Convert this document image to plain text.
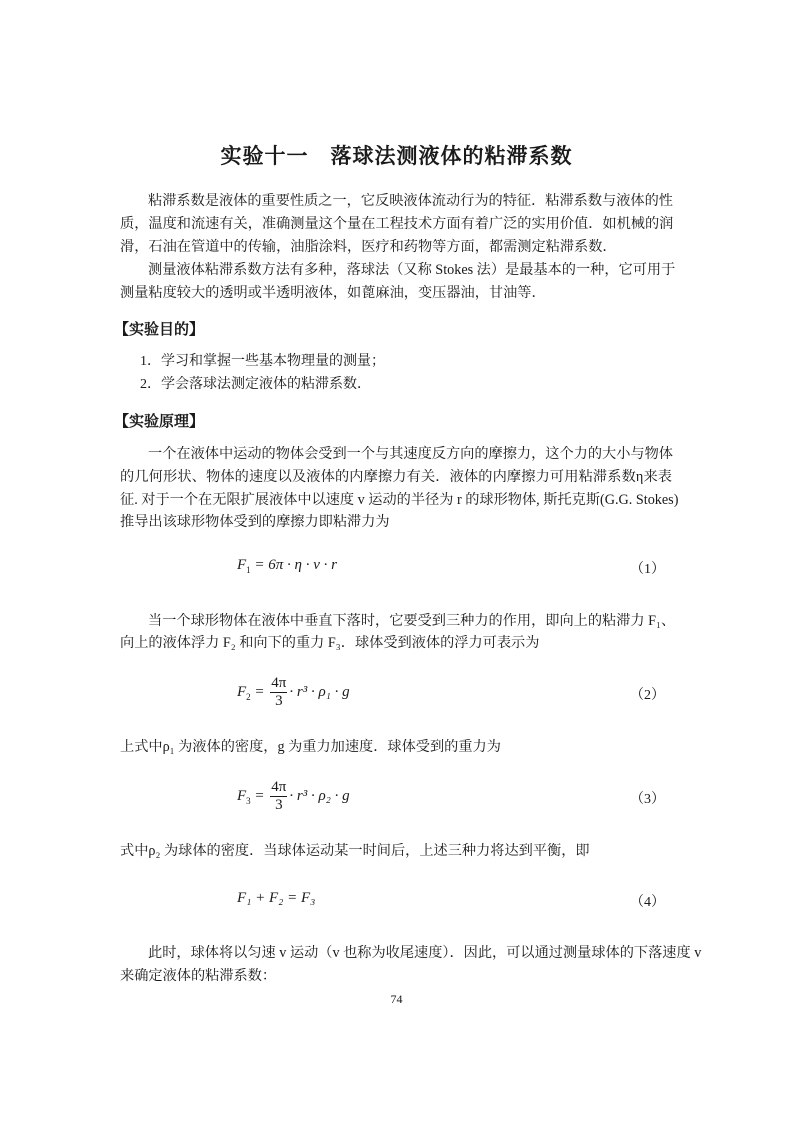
实验十一　落球法测液体的粘滞系数
粘滞系数是液体的重要性质之一，它反映液体流动行为的特征．粘滞系数与液体的性
质，温度和流速有关，准确测量这个量在工程技术方面有着广泛的实用价值．如机械的润
滑，石油在管道中的传输，油脂涂料，医疗和药物等方面，都需测定粘滞系数．
测量液体粘滞系数方法有多种，落球法（又称 Stokes 法）是最基本的一种，它可用于
测量粘度较大的透明或半透明液体，如蓖麻油，变压器油，甘油等．
【实验目的】
1．学习和掌握一些基本物理量的测量；
2．学会落球法测定液体的粘滞系数．
【实验原理】
一个在液体中运动的物体会受到一个与其速度反方向的摩擦力，这个力的大小与物体
的几何形状、物体的速度以及液体的内摩擦力有关．液体的内摩擦力可用粘滞系数η来表
征. 对于一个在无限扩展液体中以速度 v 运动的半径为 r 的球形物体, 斯托克斯(G.G. Stokes)
推导出该球形物体受到的摩擦力即粘滞力为
$F_1 = 6\pi \cdot \eta \cdot v \cdot r$	（1）
当一个球形物体在液体中垂直下落时，它要受到三种力的作用，即向上的粘滞力 F₁、
向上的液体浮力 F₂ 和向下的重力 F₃．球体受到液体的浮力可表示为
$F_2 = \frac{4\pi}{3} \cdot r^3 \cdot \rho_1 \cdot g$	（2）
上式中ρ₁ 为液体的密度，g 为重力加速度．球体受到的重力为
$F_3 = \frac{4\pi}{3} \cdot r^3 \cdot \rho_2 \cdot g$	（3）
式中ρ₂ 为球体的密度．当球体运动某一时间后，上述三种力将达到平衡，即
F₁ + F₂ = F₃	（4）
此时，球体将以匀速 v 运动（v 也称为收尾速度）．因此，可以通过测量球体的下落速度 v
来确定液体的粘滞系数：
74
